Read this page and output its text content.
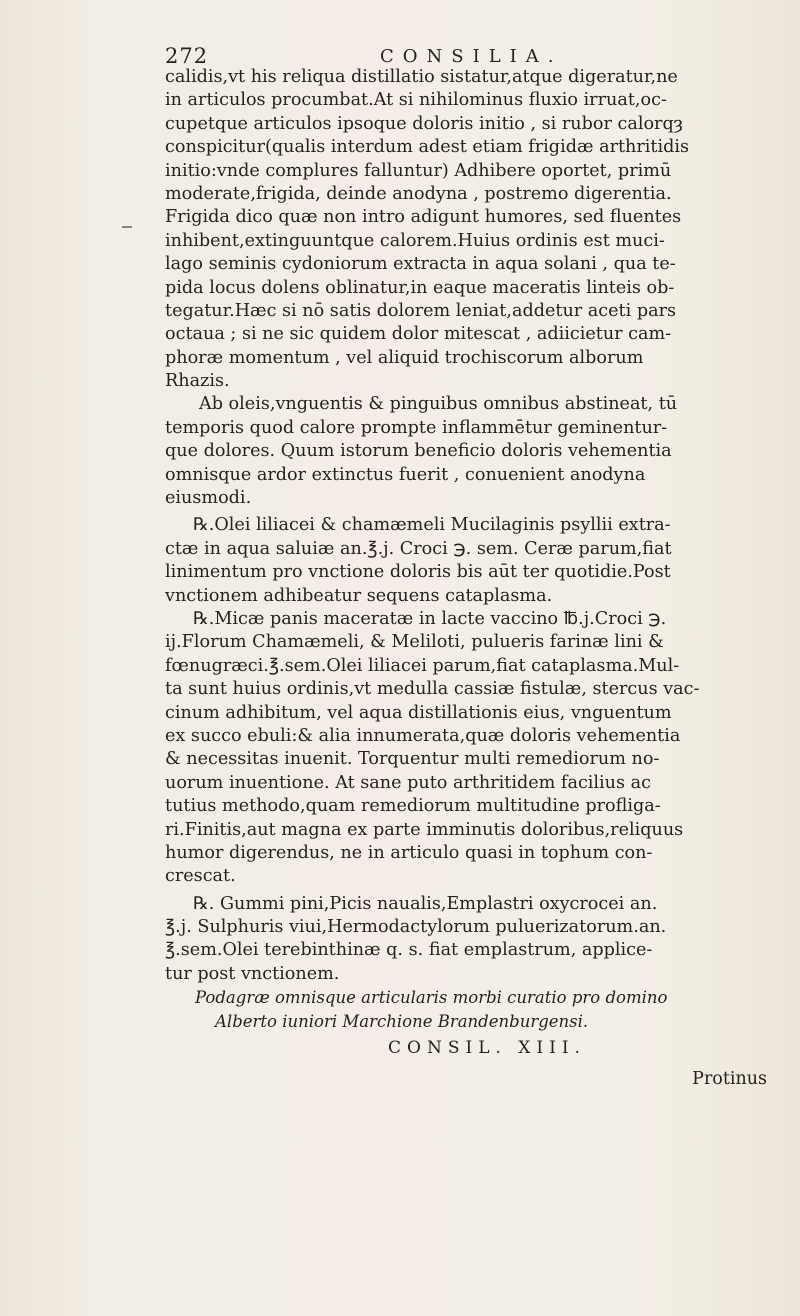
272	CONSILIA.
calidis,vt his reliqua distillatio sistatur,atque digeratur,ne
in articulos procumbat.At si nihilominus fluxio irruat,oc-
cupetque articulos ipsoque doloris initio , si rubor calorqȝ
conspicitur(qualis interdum adest etiam frigidæ arthritidis
initio:vnde complures falluntur) Adhibere oportet, primū
moderate,frigida, deinde anodyna , postremo digerentia.
Frigida dico quæ non intro adigunt humores, sed fluentes
inhibent,extinguuntque calorem.Huius ordinis est muci-
lago seminis cydoniorum extracta in aqua solani , qua te-
pida locus dolens oblinatur,in eaque maceratis linteis ob-
tegatur.Hæc si nō satis dolorem leniat,addetur aceti pars
octaua ; si ne sic quidem dolor mitescat , adiicietur cam-
phoræ momentum , vel aliquid trochiscorum alborum
Rhazis.
Ab oleis,vnguentis & pinguibus omnibus abstineat, tū
temporis quod calore prompte inflammētur geminentur-
que dolores. Quum istorum beneficio doloris vehementia
omnisque ardor extinctus fuerit , conuenient anodyna
eiusmodi.
℞.Olei liliacei & chamæmeli Mucilaginis psyllii extra-
ctæ in aqua saluiæ an.℥.j. Croci ℈. sem. Ceræ parum,fiat
linimentum pro vnctione doloris bis aūt ter quotidie.Post
vnctionem adhibeatur sequens cataplasma.
℞.Micæ panis maceratæ in lacte vaccino ℔.j.Croci ℈.
ij.Florum Chamæmeli, & Meliloti, pulueris farinæ lini &
fœnugræci.℥.sem.Olei liliacei parum,fiat cataplasma.Mul-
ta sunt huius ordinis,vt medulla cassiæ fistulæ, stercus vac-
cinum adhibitum, vel aqua distillationis eius, vnguentum
ex succo ebuli:& alia innumerata,quæ doloris vehementia
& necessitas inuenit. Torquentur multi remediorum no-
uorum inuentione. At sane puto arthritidem facilius ac
tutius methodo,quam remediorum multitudine profliga-
ri.Finitis,aut magna ex parte imminutis doloribus,reliquus
humor digerendus, ne in articulo quasi in tophum con-
crescat.
℞. Gummi pini,Picis naualis,Emplastri oxycrocei an.
℥.j. Sulphuris viui,Hermodactylorum puluerizatorum.an.
℥.sem.Olei terebinthinæ q. s. fiat emplastrum, applice-
tur post vnctionem.
Podagræ omnisque articularis morbi curatio pro domino
Alberto iuniori Marchione Brandenburgensi.
CONSIL. XIII.
Protinus
